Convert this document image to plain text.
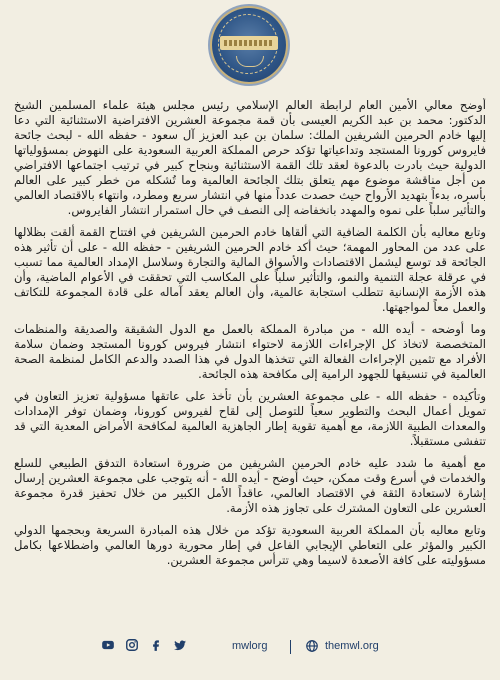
أوضح معالي الأمين العام لرابطة العالم الإسلامي رئيس مجلس هيئة علماء المسلمين الشيخ الدكتور: محمد بن عبد الكريم العيسى بأن قمة مجموعة العشرين الافتراضية الاستثنائية التي دعا إليها خادم الحرمين الشريفين الملك: سلمان بن عبد العزيز آل سعود - حفظه الله - لبحث جائحة فايروس كورونا المستجد وتداعياتها تؤكد حرص المملكة العربية السعودية على النهوض بمسؤولياتها الدولية حيث بادرت بالدعوة لعقد تلك القمة الاستثنائية وبنجاح كبير في ترتيب اجتماعها الافتراضي من أجل مناقشة موضوع مهم يتعلق بتلك الجائحة العالمية وما تُشكله من خطر كبير على العالم بأسره، بدءاً بتهديد الأرواح حيث حصدت عدداً منها في انتشار سريع ومطرد، وانتهاء بالاقتصاد العالمي والتأثير سلباً على نموه والمهدد بانخفاضه إلى النصف في حال استمرار انتشار الفايروس.

وتابع معاليه بأن الكلمة الضافية التي ألقاها خادم الحرمين الشريفين في افتتاح القمة ألقت بظلالها على عدد من المحاور المهمة؛ حيث أكد خادم الحرمين الشريفين - حفظه الله - على أن تأثير هذه الجائحة قد توسع ليشمل الاقتصادات والأسواق المالية والتجارة وسلاسل الإمداد العالمية مما تسبب في عرقلة عجلة التنمية والنمو، والتأثير سلباً على المكاسب التي تحققت في الأعوام الماضية، وأن هذه الأزمة الإنسانية تتطلب استجابة عالمية، وأن العالم يعقد آماله على قادة المجموعة للتكاتف والعمل معاً لمواجهتها.

وما أوضحه - أيده الله - من مبادرة المملكة بالعمل مع الدول الشقيقة والصديقة والمنظمات المتخصصة لاتخاذ كل الإجراءات اللازمة لاحتواء انتشار فيروس كورونا المستجد وضمان سلامة الأفراد مع تثمين الإجراءات الفعالة التي تتخذها الدول في هذا الصدد والدعم الكامل لمنظمة الصحة العالمية في تنسيقها للجهود الرامية إلى مكافحة هذه الجائحة.

وتأكيده - حفظه الله - على مجموعة العشرين بأن تأخذ على عاتقها مسؤولية تعزيز التعاون في تمويل أعمال البحث والتطوير سعياً للتوصل إلى لقاح لفيروس كورونا، وضمان توفر الإمدادات والمعدات الطبية اللازمة، مع أهمية تقوية إطار الجاهزية العالمية لمكافحة الأمراض المعدية التي قد تتفشى مستقبلاً.

مع أهمية ما شدد عليه خادم الحرمين الشريفين من ضرورة استعادة التدفق الطبيعي للسلع والخدمات في أسرع وقت ممكن، حيث أوضح - أيده الله - أنه يتوجب على مجموعة العشرين إرسال إشارة لاستعادة الثقة في الاقتصاد العالمي، عاقداً الأمل الكبير من خلال تحفيز قدرة مجموعة العشرين على التعاون المشترك على تجاوز هذه الأزمة.

وتابع معاليه بأن المملكة العربية السعودية تؤكد من خلال هذه المبادرة السريعة وبحجمها الدولي الكبير والمؤثر على التعاطي الإيجابي الفاعل في إطار محورية دورها العالمي واضطلاعها بكامل مسؤوليته على كافة الأصعدة لاسيما وهي تترأس مجموعة العشرين.

mwlorg	themwl.org
